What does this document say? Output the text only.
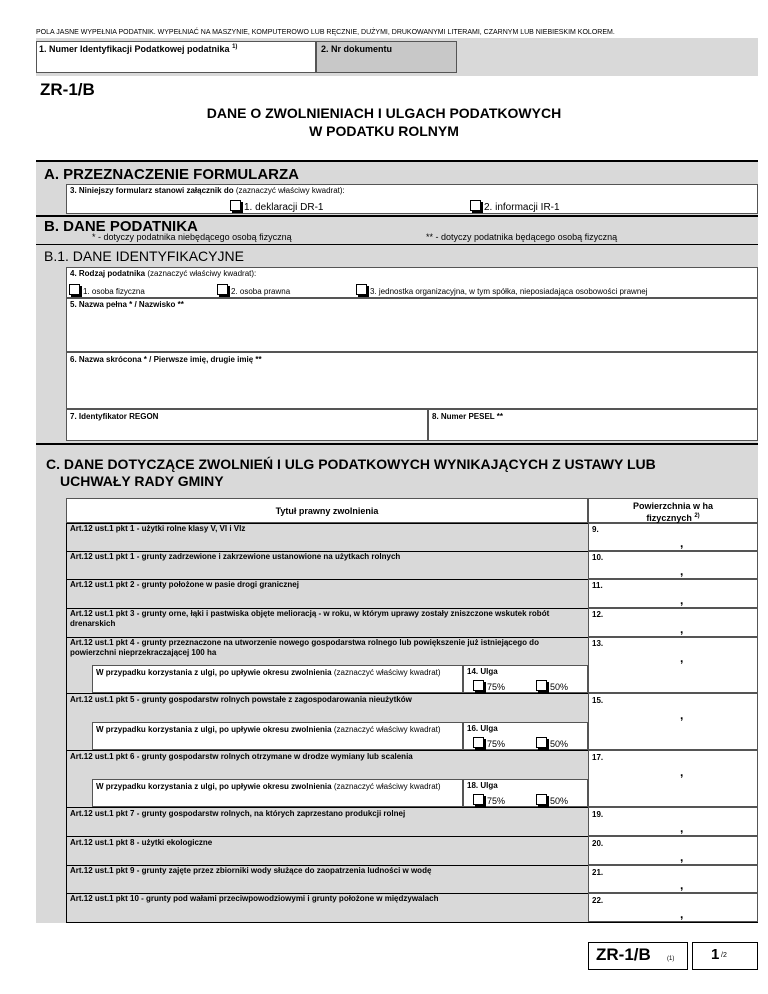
POLA JASNE WYPEŁNIA PODATNIK. WYPEŁNIAĆ NA MASZYNIE, KOMPUTEROWO LUB RĘCZNIE, DUŻYMI, DRUKOWANYMI LITERAMI, CZARNYM LUB NIEBIESKIM KOLOREM.
1. Numer Identyfikacji Podatkowej podatnika $^{1)}$	2. Nr dokumentu
ZR-1/B
DANE O ZWOLNIENIACH I ULGACH PODATKOWYCH
W PODATKU ROLNYM
A. PRZEZNACZENIE FORMULARZA
3. Niniejszy formularz stanowi załącznik do (zaznaczyć właściwy kwadrat):
1. deklaracji DR-1	2. informacji IR-1
B. DANE PODATNIKA
* - dotyczy podatnika niebędącego osobą fizyczną	** - dotyczy podatnika będącego osobą fizyczną
B.1. DANE IDENTYFIKACYJNE
4. Rodzaj podatnika (zaznaczyć właściwy kwadrat):
1. osoba fizyczna	2. osoba prawna	3. jednostka organizacyjna, w tym spółka, nieposiadająca osobowości prawnej
5. Nazwa pełna * / Nazwisko **
6. Nazwa skrócona * / Pierwsze imię, drugie imię **
7. Identyfikator REGON	8. Numer PESEL **
C. DANE DOTYCZĄCE ZWOLNIEŃ I ULG PODATKOWYCH WYNIKAJĄCYCH Z USTAWY LUB
UCHWAŁY RADY GMINY
Tytuł prawny zwolnienia	Powierzchnia w ha
fizycznych $^{2)}$
Art.12 ust.1 pkt 1 - użytki rolne klasy V, VI i VIz	9.
,
Art.12 ust.1 pkt 1 - grunty zadrzewione i zakrzewione ustanowione na użytkach rolnych	10.
,
Art.12 ust.1 pkt 2 - grunty położone w pasie drogi granicznej	11.
,
Art.12 ust.1 pkt 3 - grunty orne, łąki i pastwiska objęte melioracją - w roku, w którym uprawy zostały zniszczone wskutek robót drenarskich
12.
,
Art.12 ust.1 pkt 4 - grunty przeznaczone na utworzenie nowego gospodarstwa rolnego lub powiększenie już istniejącego do powierzchni nieprzekraczającej 100 ha
13.
,
W przypadku korzystania z ulgi, po upływie okresu zwolnienia (zaznaczyć właściwy kwadrat)	14. Ulga
75%	50%
Art.12 ust.1 pkt 5 - grunty gospodarstw rolnych powstałe z zagospodarowania nieużytków	15.
,
W przypadku korzystania z ulgi, po upływie okresu zwolnienia (zaznaczyć właściwy kwadrat)	16. Ulga
75%	50%
Art.12 ust.1 pkt 6 - grunty gospodarstw rolnych otrzymane w drodze wymiany lub scalenia	17.
,
W przypadku korzystania z ulgi, po upływie okresu zwolnienia (zaznaczyć właściwy kwadrat)	18. Ulga
75%	50%
Art.12 ust.1 pkt 7 - grunty gospodarstw rolnych, na których zaprzestano produkcji rolnej	19.
,
Art.12 ust.1 pkt 8 - użytki ekologiczne	20.
,
Art.12 ust.1 pkt 9 - grunty zajęte przez zbiorniki wody służące do zaopatrzenia ludności w wodę	21.
,
Art.12 ust.1 pkt 10 - grunty pod wałami przeciwpowodziowymi i grunty położone w międzywalach	22.
,
ZR-1/B	(1) 1 /2
